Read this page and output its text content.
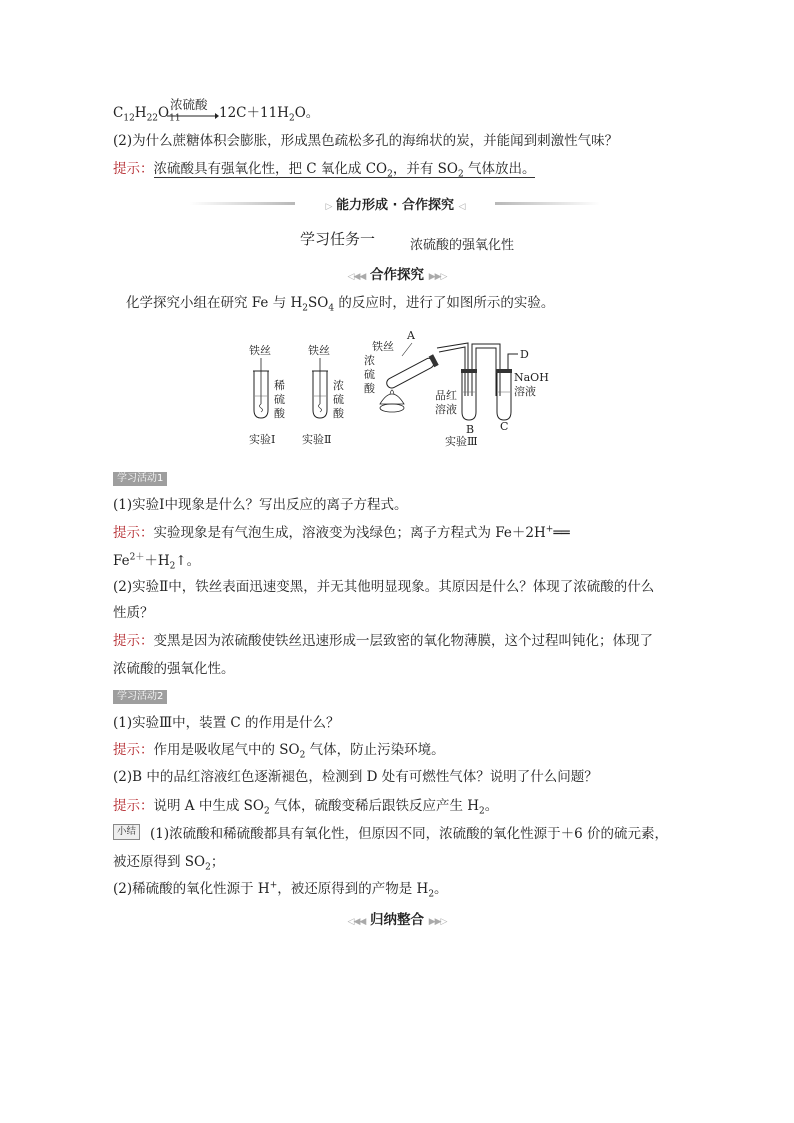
$C_{12}H_{22}O_{11}$
浓硫酸
→ $12C+11H_2O$。
(2)为什么蔗糖体积会膨胀，形成黑色疏松多孔的海绵状的炭，并能闻到刺激性气味？
提示：浓硫酸具有强氧化性，把 C 氧化成 $CO_2$，并有 $SO_2$ 气体放出。
▷ 能力形成 · 合作探究 ◁
学习任务一	浓硫酸的强氧化性
◁◀◀ 合作探究 ▶▶▷
化学探究小组在研究 Fe 与 $H_2SO_4$ 的反应时，进行了如图所示的实验。
铁丝
稀
硫
酸
实验Ⅰ
铁丝
浓
硫
酸
实验Ⅱ
A
铁丝
浓
硫
酸
D
NaOH
溶液
品红
溶液
B C
实验Ⅲ
学习活动1
(1)实验Ⅰ中现象是什么？写出反应的离子方程式。
提示：实验现象是有气泡生成，溶液变为浅绿色；离子方程式为 Fe＋2H+══
$Fe^{2+}+H_2↑$。
(2)实验Ⅱ中，铁丝表面迅速变黑，并无其他明显现象。其原因是什么？体现了浓硫酸的什么
性质？
提示：变黑是因为浓硫酸使铁丝迅速形成一层致密的氧化物薄膜，这个过程叫钝化；体现了
浓硫酸的强氧化性。
学习活动2
(1)实验Ⅲ中，装置 C 的作用是什么？
提示：作用是吸收尾气中的 $SO_2$ 气体，防止污染环境。
(2)B 中的品红溶液红色逐渐褪色，检测到 D 处有可燃性气体？说明了什么问题？
提示：说明 A 中生成 $SO_2$ 气体，硫酸变稀后跟铁反应产生 $H_2$。
小结 (1)浓硫酸和稀硫酸都具有氧化性，但原因不同，浓硫酸的氧化性源于＋6 价的硫元素，
被还原得到 $SO_2$；
(2)稀硫酸的氧化性源于 H+，被还原得到的产物是 $H_2$。
◁◀◀ 归纳整合 ▶▶▷
